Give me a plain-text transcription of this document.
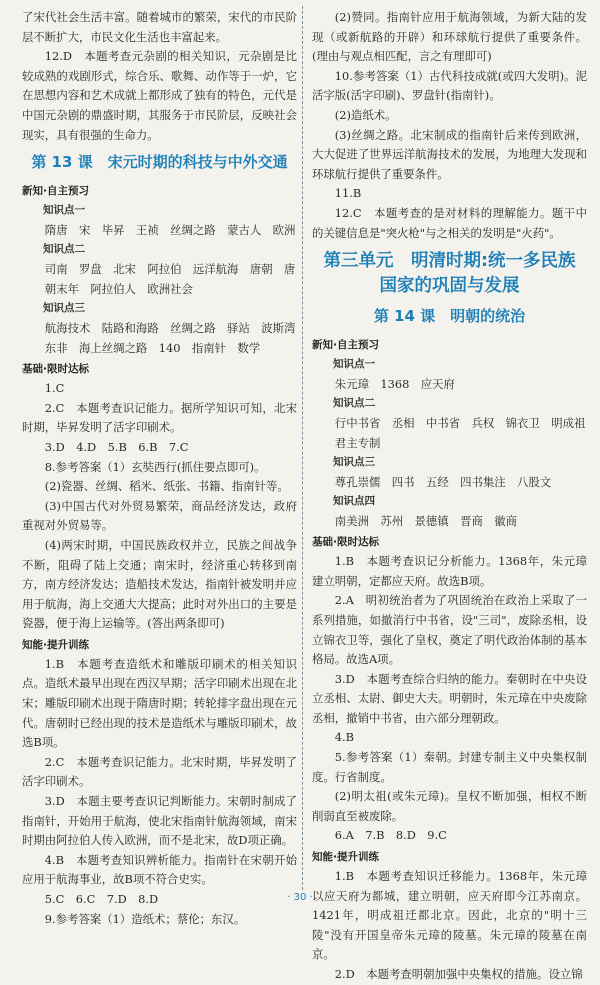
了宋代社会生活丰富。随着城市的繁荣，宋代的市民阶层不断扩大，市民文化生活也丰富起来。

12.D　本题考查元杂剧的相关知识，元杂剧是比较成熟的戏剧形式，综合乐、歌舞、动作等于一炉，它在思想内容和艺术成就上都形成了独有的特色，元代是中国元杂剧的鼎盛时期，其服务于市民阶层，反映社会现实，具有很强的生命力。

第 13 课　宋元时期的科技与中外交通
新知·自主预习
知识点一
隋唐　宋　毕昇　王祯　丝绸之路　蒙古人　欧洲
知识点二
司南　罗盘　北宋　阿拉伯　远洋航海　唐朝　唐朝末年　阿拉伯人　欧洲社会
知识点三
航海技术　陆路和海路　丝绸之路　驿站　波斯湾　东非　海上丝绸之路　140　指南针　数学
基础·限时达标

1.C

2.C　本题考查识记能力。据所学知识可知，北宋时期，毕昇发明了活字印刷术。

3.D　4.D　5.B　6.B　7.C

8.参考答案（1）玄奘西行(抓住要点即可)。

(2)瓷器、丝绸、稻米、纸张、书籍、指南针等。

(3)中国古代对外贸易繁荣，商品经济发达，政府重视对外贸易等。

(4)两宋时期，中国民族政权并立，民族之间战争不断，阻碍了陆上交通；南宋时，经济重心转移到南方，南方经济发达；造船技术发达，指南针被发明并应用于航海，海上交通大大提高；此时对外出口的主要是瓷器，便于海上运输等。(答出两条即可)

知能·提升训练

1.B　本题考查造纸术和雕版印刷术的相关知识点。造纸术最早出现在西汉早期；活字印刷术出现在北宋；雕版印刷术出现于隋唐时期；转轮排字盘出现在元代。唐朝时已经出现的技术是造纸术与雕版印刷术，故选B项。

2.C　本题考查识记能力。北宋时期，毕昇发明了活字印刷术。

3.D　本题主要考查识记判断能力。宋朝时制成了指南针，开始用于航海，使北宋指南针航海领域，南宋时期由阿拉伯人传入欧洲，而不是北宋，故D项正确。

4.B　本题考查知识辨析能力。指南针在宋朝开始应用于航海事业，故B项不符合史实。

5.C　6.C　7.D　8.D

9.参考答案（1）造纸术；蔡伦；东汉。

(2)赞同。指南针应用于航海领域，为新大陆的发现（或新航路的开辟）和环球航行提供了重要条件。(理由与观点相匹配，言之有理即可)

10.参考答案（1）古代科技成就(或四大发明)。泥活字版(活字印刷)、罗盘针(指南针)。

(2)造纸术。

(3)丝绸之路。北宋制成的指南针后来传到欧洲，大大促进了世界远洋航海技术的发展，为地理大发现和环球航行提供了重要条件。

11.B

12.C　本题考查的是对材料的理解能力。题干中的关键信息是"突火枪"与之相关的发明是"火药"。

第三单元　明清时期:统一多民族
国家的巩固与发展
第 14 课　明朝的统治
新知·自主预习
知识点一
朱元璋　1368　应天府
知识点二
行中书省　丞相　中书省　兵权　锦衣卫　明成祖　君主专制
知识点三
尊孔崇儒　四书　五经　四书集注　八股文
知识点四
南美洲　苏州　景德镇　晋商　徽商
基础·限时达标

1.B　本题考查识记分析能力。1368年，朱元璋建立明朝，定都应天府。故选B项。

2.A　明初统治者为了巩固统治在政治上采取了一系列措施，如撤消行中书省，设"三司"，废除丞相，设立锦衣卫等，强化了皇权，奠定了明代政治体制的基本格局。故选A项。

3.D　本题考查综合归纳的能力。秦朝时在中央设立丞相、太尉、御史大夫。明朝时，朱元璋在中央废除丞相，撤销中书省，由六部分理朝政。

4.B

5.参考答案（1）秦朝。封建专制主义中央集权制度。行省制度。

(2)明太祖(或朱元璋)。皇权不断加强，相权不断削弱直至被废除。

6.A　7.B　8.D　9.C

知能·提升训练

1.B　本题考查知识迁移能力。1368年，朱元璋以应天府为都城，建立明朝，应天府即今江苏南京。1421年，明成祖迁都北京。因此，北京的"明十三陵"没有开国皇帝朱元璋的陵墓。朱元璋的陵墓在南京。

2.D　本题考查明朝加强中央集权的措施。设立锦

· 30 ·
